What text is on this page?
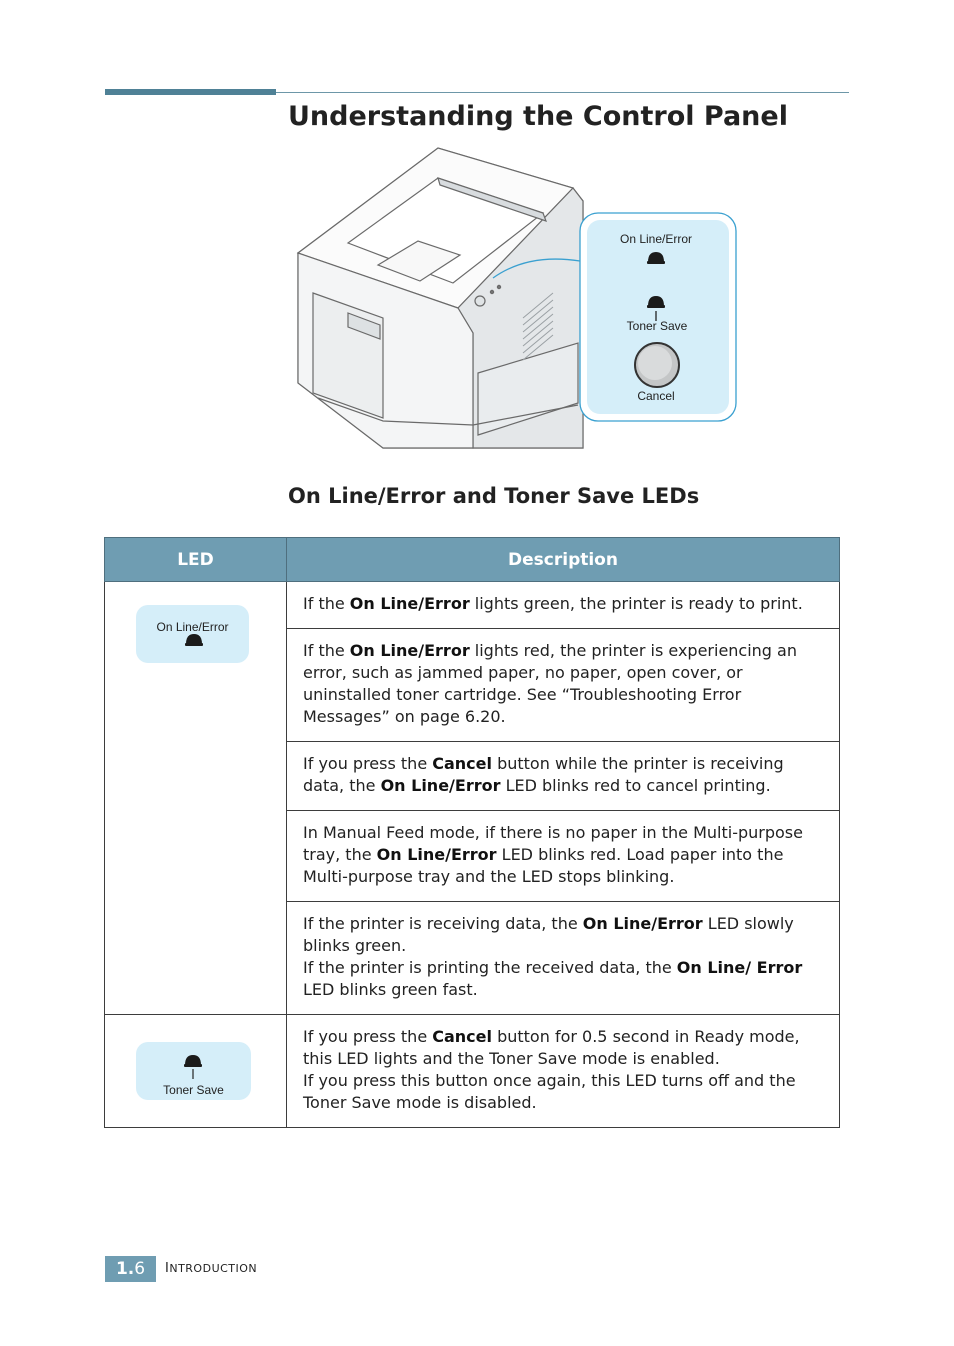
Understanding the Control Panel
On Line/Error
Toner Save
Cancel
On Line/Error and Toner Save LEDs
LED	Description

On Line/Error	If the On Line/Error lights green, the printer is ready to print.
	If the On Line/Error lights red, the printer is experiencing an error, such as jammed paper, no paper, open cover, or uninstalled toner cartridge. See “Troubleshooting Error Messages” on page 6.20.
	If you press the Cancel button while the printer is receiving data, the On Line/Error LED blinks red to cancel printing.
	In Manual Feed mode, if there is no paper in the Multi-purpose tray, the On Line/Error LED blinks red. Load paper into the Multi-purpose tray and the LED stops blinking.
	If the printer is receiving data, the On Line/Error LED slowly blinks green.
If the printer is printing the received data, the On Line/ Error LED blinks green fast.

Toner Save	If you press the Cancel button for 0.5 second in Ready mode, this LED lights and the Toner Save mode is enabled.
If you press this button once again, this LED turns off and the Toner Save mode is disabled.
1.6	INTRODUCTION
